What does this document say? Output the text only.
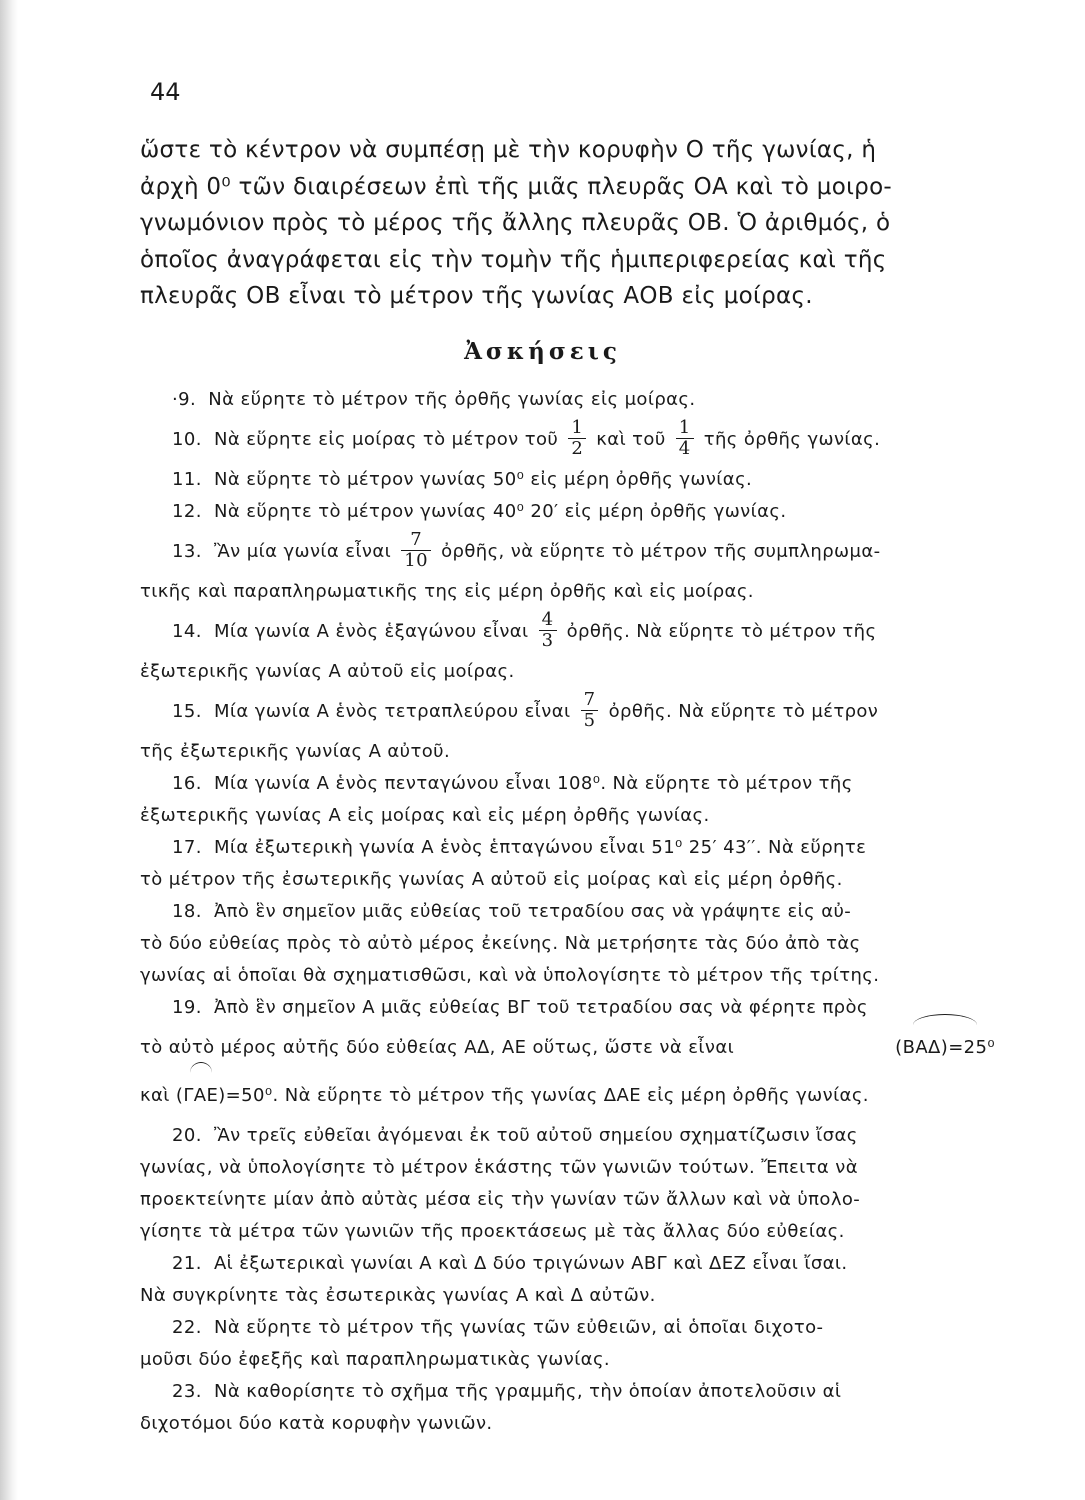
44
ὥστε τὸ κέντρον νὰ συμπέσῃ μὲ τὴν κορυφὴν Ο τῆς γωνίας, ἡ
ἀρχὴ 0⁰ τῶν διαιρέσεων ἐπὶ τῆς μιᾶς πλευρᾶς ΟΑ καὶ τὸ μοιρο-
γνωμόνιον πρὸς τὸ μέρος τῆς ἄλλης πλευρᾶς ΟΒ. Ὁ ἀριθμός, ὁ
ὁποῖος ἀναγράφεται εἰς τὴν τομὴν τῆς ἡμιπεριφερείας καὶ τῆς
πλευρᾶς ΟΒ εἶναι τὸ μέτρον τῆς γωνίας ΑΟΒ εἰς μοίρας.
Ἀσκήσεις
·9. Νὰ εὕρητε τὸ μέτρον τῆς ὀρθῆς γωνίας εἰς μοίρας.
10. Νὰ εὕρητε εἰς μοίρας τὸ μέτρον τοῦ $\frac{1}{2}$ καὶ τοῦ $\frac{1}{4}$ τῆς ὀρθῆς γωνίας.
11. Νὰ εὕρητε τὸ μέτρον γωνίας 50⁰ εἰς μέρη ὀρθῆς γωνίας.
12. Νὰ εὕρητε τὸ μέτρον γωνίας 40⁰ 20′ εἰς μέρη ὀρθῆς γωνίας.
13. Ἂν μία γωνία εἶναι $\frac{7}{10}$ ὀρθῆς, νὰ εὕρητε τὸ μέτρον τῆς συμπληρωμα-
τικῆς καὶ παραπληρωματικῆς της εἰς μέρη ὀρθῆς καὶ εἰς μοίρας.
14. Μία γωνία Α ἑνὸς ἑξαγώνου εἶναι $\frac{4}{3}$ ὀρθῆς. Νὰ εὕρητε τὸ μέτρον τῆς
ἐξωτερικῆς γωνίας Α αὐτοῦ εἰς μοίρας.
15. Μία γωνία Α ἑνὸς τετραπλεύρου εἶναι $\frac{7}{5}$ ὀρθῆς. Νὰ εὕρητε τὸ μέτρον
τῆς ἐξωτερικῆς γωνίας Α αὐτοῦ.
16. Μία γωνία Α ἑνὸς πενταγώνου εἶναι 108⁰. Νὰ εὕρητε τὸ μέτρον τῆς
ἐξωτερικῆς γωνίας Α εἰς μοίρας καὶ εἰς μέρη ὀρθῆς γωνίας.
17. Μία ἐξωτερικὴ γωνία Α ἑνὸς ἑπταγώνου εἶναι 51⁰ 25′ 43′′. Νὰ εὕρητε
τὸ μέτρον τῆς ἐσωτερικῆς γωνίας Α αὐτοῦ εἰς μοίρας καὶ εἰς μέρη ὀρθῆς.
18. Ἀπὸ ἓν σημεῖον μιᾶς εὐθείας τοῦ τετραδίου σας νὰ γράψητε εἰς αὐ-
τὸ δύο εὐθείας πρὸς τὸ αὐτὸ μέρος ἐκείνης. Νὰ μετρήσητε τὰς δύο ἀπὸ τὰς
γωνίας αἱ ὁποῖαι θὰ σχηματισθῶσι, καὶ νὰ ὑπολογίσητε τὸ μέτρον τῆς τρίτης.
19. Ἀπὸ ἓν σημεῖον Α μιᾶς εὐθείας ΒΓ τοῦ τετραδίου σας νὰ φέρητε πρὸς
τὸ αὐτὸ μέρος αὐτῆς δύο εὐθείας ΑΔ, ΑΕ οὕτως, ὥστε νὰ εἶναι	(ΒΑΔ)=25⁰
καὶ (ΓΑΕ)=50⁰. Νὰ εὕρητε τὸ μέτρον τῆς γωνίας ΔΑΕ εἰς μέρη ὀρθῆς γωνίας.
20. Ἂν τρεῖς εὐθεῖαι ἀγόμεναι ἐκ τοῦ αὐτοῦ σημείου σχηματίζωσιν ἴσας
γωνίας, νὰ ὑπολογίσητε τὸ μέτρον ἑκάστης τῶν γωνιῶν τούτων. Ἔπειτα νὰ
προεκτείνητε μίαν ἀπὸ αὐτὰς μέσα εἰς τὴν γωνίαν τῶν ἄλλων καὶ νὰ ὑπολο-
γίσητε τὰ μέτρα τῶν γωνιῶν τῆς προεκτάσεως μὲ τὰς ἄλλας δύο εὐθείας.
21. Αἱ ἐξωτερικαὶ γωνίαι Α καὶ Δ δύο τριγώνων ΑΒΓ καὶ ΔΕΖ εἶναι ἴσαι.
Νὰ συγκρίνητε τὰς ἐσωτερικὰς γωνίας Α καὶ Δ αὐτῶν.
22. Νὰ εὕρητε τὸ μέτρον τῆς γωνίας τῶν εὐθειῶν, αἱ ὁποῖαι διχοτο-
μοῦσι δύο ἐφεξῆς καὶ παραπληρωματικὰς γωνίας.
23. Νὰ καθορίσητε τὸ σχῆμα τῆς γραμμῆς, τὴν ὁποίαν ἀποτελοῦσιν αἱ
διχοτόμοι δύο κατὰ κορυφὴν γωνιῶν.
